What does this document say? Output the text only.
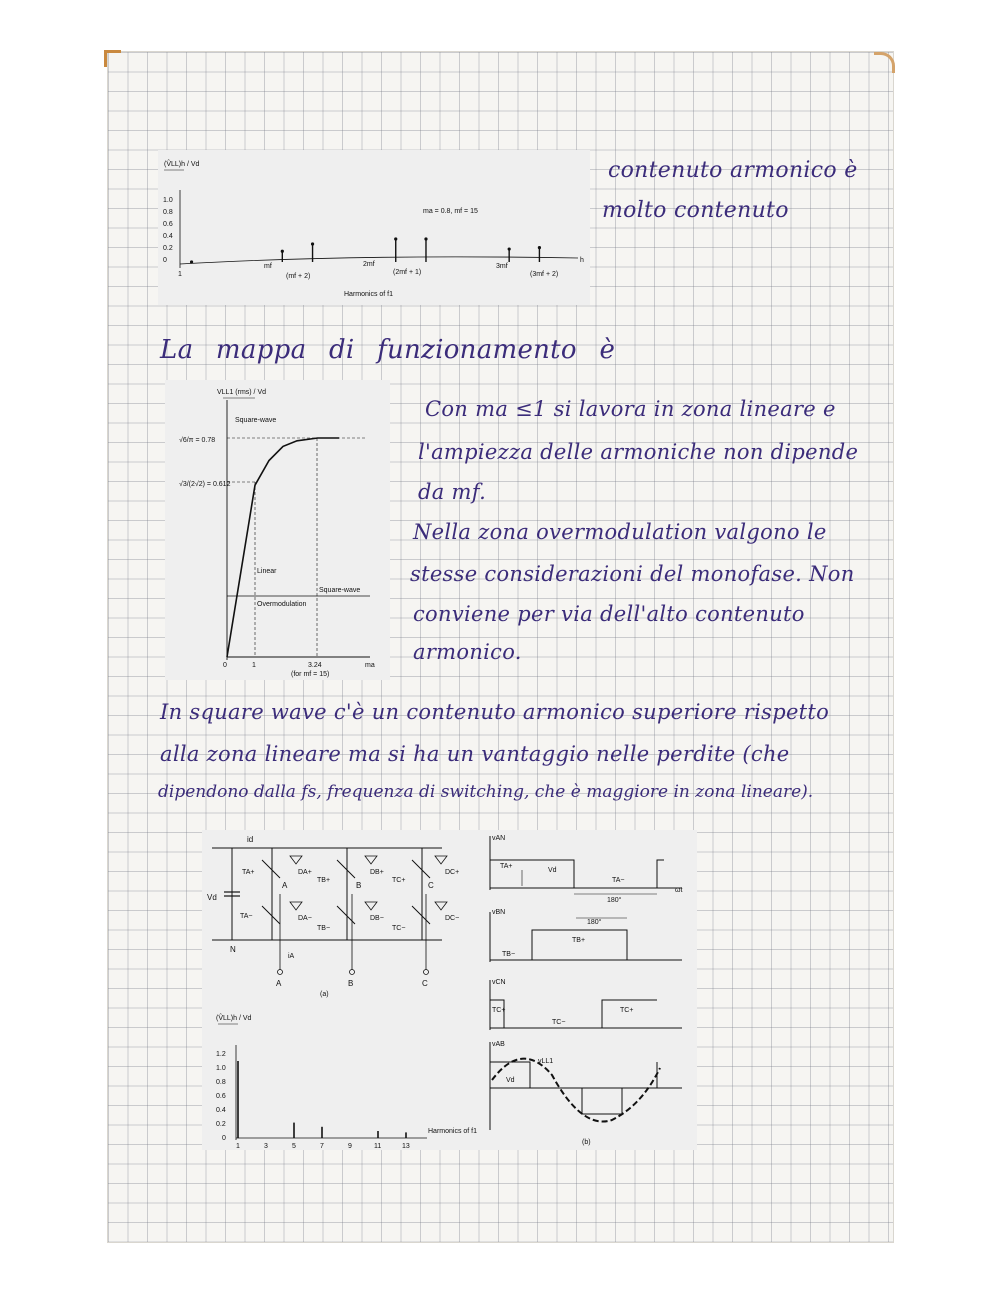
(V̂LL)h / Vd
1.0
0.8
0.6
0.4
0.2
0	h
1
ma = 0.8, mf = 15
mf
(mf + 2)
2mf
(2mf + 1)
3mf
(3mf + 2)
Harmonics of f1
contenuto armonico è
molto contenuto
La mappa di funzionamento è
VLL1 (rms) / Vd
Square-wave
√6/π = 0.78
√3/(2√2) = 0.612
Linear
Square-wave
Overmodulation
0	1	3.24
(for mf = 15)
ma
Con ma ≤1 si lavora in zona lineare e
l'ampiezza delle armoniche non dipende
da mf.
Nella zona overmodulation valgono le
stesse considerazioni del monofase. Non
conviene per via dell'alto contenuto
armonico.
In square wave c'è un contenuto armonico superiore rispetto
alla zona lineare ma si ha un vantaggio nelle perdite (che
dipendono dalla fs, frequenza di switching, che è maggiore in zona lineare).
id
Vd
TA+	DA+
TB+
DB+
TC+
DC+
TA−	DA−
TB−
DB−
TC−
DC−
A	B	C
N
iA
A	B	C
(a)
vAN
vBN
vCN
vAB
vLL1
ωt
180°
180°
TA+
TA−
TB−
TB+
TC+
TC−
TC+
Vd
Vd
(b)
(V̂LL)h / Vd
1.2
1.0
0.8
0.6
0.4
0.2
0
1	3	5	7	9	11	13
Harmonics of f1
